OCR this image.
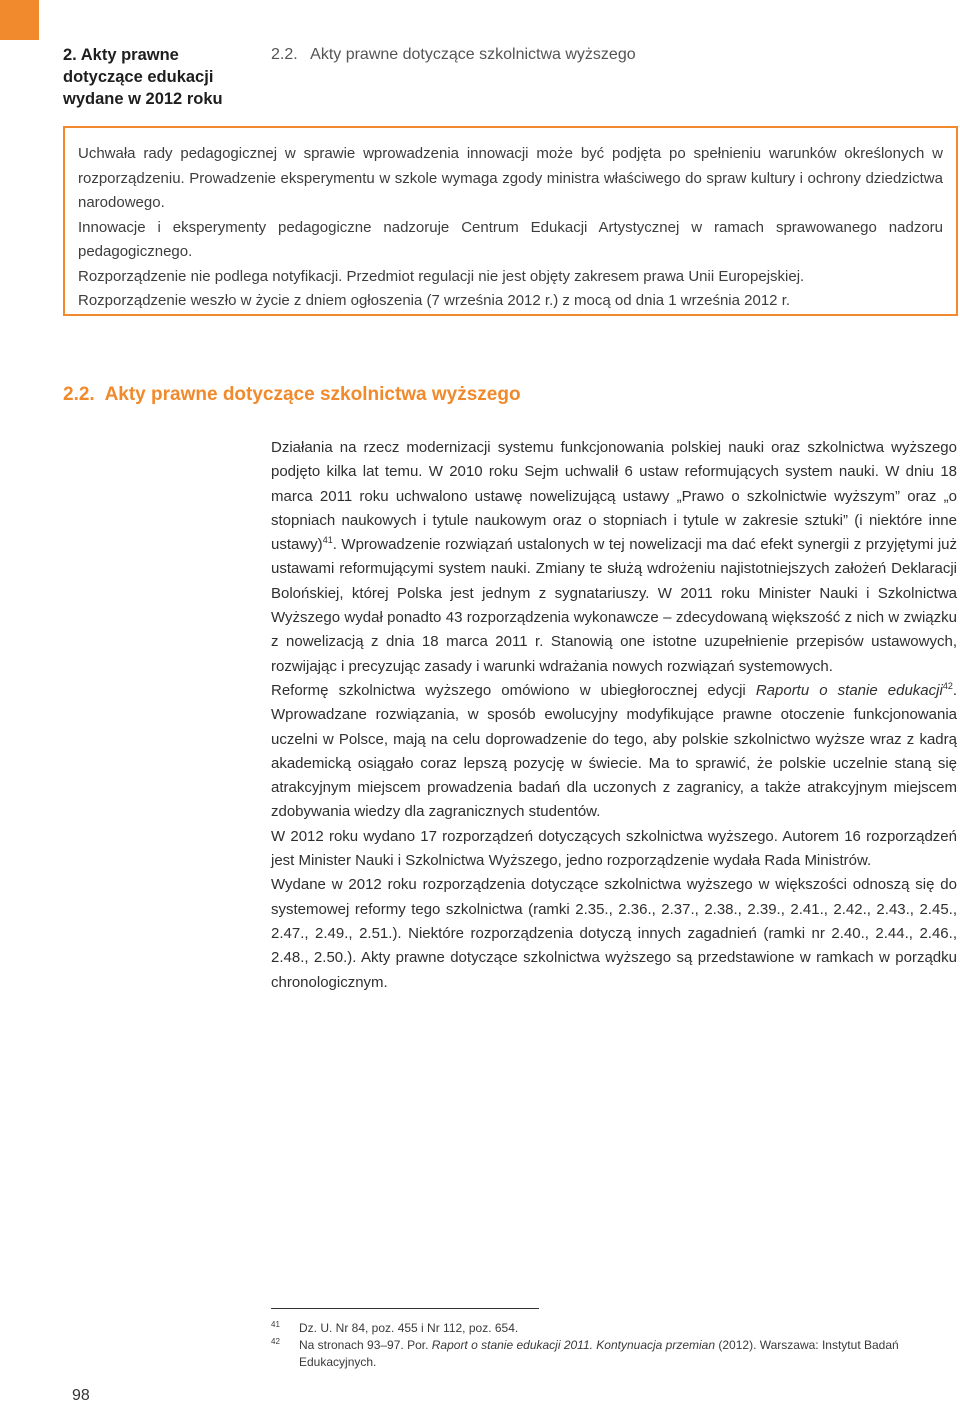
2. Akty prawne dotyczące edukacji wydane w 2012 roku
2.2.   Akty prawne dotyczące szkolnictwa wyższego

Uchwała rady pedagogicznej w sprawie wprowadzenia innowacji może być podjęta po spełnieniu warunków określonych w rozporządzeniu. Prowadzenie eksperymentu w szkole wymaga zgody ministra właściwego do spraw kultury i ochrony dziedzictwa narodowego.

Innowacje i eksperymenty pedagogiczne nadzoruje Centrum Edukacji Artystycznej w ramach sprawowanego nadzoru pedagogicznego.

Rozporządzenie nie podlega notyfikacji. Przedmiot regulacji nie jest objęty zakresem prawa Unii Europejskiej.

Rozporządzenie weszło w życie z dniem ogłoszenia (7 września 2012 r.) z mocą od dnia 1 września 2012 r.

2.2. Akty prawne dotyczące szkolnictwa wyższego

Działania na rzecz modernizacji systemu funkcjonowania polskiej nauki oraz szkolnictwa wyższego podjęto kilka lat temu. W 2010 roku Sejm uchwalił 6 ustaw reformujących system nauki. W dniu 18 marca 2011 roku uchwalono ustawę nowelizującą ustawy „Prawo o szkolnictwie wyższym” oraz „o stopniach naukowych i tytule naukowym oraz o stopniach i tytule w zakresie sztuki” (i niektóre inne ustawy)$^{41}$. Wprowadzenie rozwiązań ustalonych w tej nowelizacji ma dać efekt synergii z przyjętymi już ustawami reformującymi system nauki. Zmiany te służą wdrożeniu najistotniejszych założeń Deklaracji Bolońskiej, której Polska jest jednym z sygnatariuszy. W 2011 roku Minister Nauki i Szkolnictwa Wyższego wydał ponadto 43 rozporządzenia wykonawcze – zdecydowaną większość z nich w związku z nowelizacją z dnia 18 marca 2011 r. Stanowią one istotne uzupełnienie przepisów ustawowych, rozwijając i precyzując zasady i warunki wdrażania nowych rozwiązań systemowych.

Reformę szkolnictwa wyższego omówiono w ubiegłorocznej edycji Raportu o stanie edukacji$^{42}$. Wprowadzane rozwiązania, w sposób ewolucyjny modyfikujące prawne otoczenie funkcjonowania uczelni w Polsce, mają na celu doprowadzenie do tego, aby polskie szkolnictwo wyższe wraz z kadrą akademicką osiągało coraz lepszą pozycję w świecie. Ma to sprawić, że polskie uczelnie staną się atrakcyjnym miejscem prowadzenia badań dla uczonych z zagranicy, a także atrakcyjnym miejscem zdobywania wiedzy dla zagranicznych studentów.

W 2012 roku wydano 17 rozporządzeń dotyczących szkolnictwa wyższego. Autorem 16 rozporządzeń jest Minister Nauki i Szkolnictwa Wyższego, jedno rozporządzenie wydała Rada Ministrów.

Wydane w 2012 roku rozporządzenia dotyczące szkolnictwa wyższego w większości odnoszą się do systemowej reformy tego szkolnictwa (ramki 2.35., 2.36., 2.37., 2.38., 2.39., 2.41., 2.42., 2.43., 2.45., 2.47., 2.49., 2.51.). Niektóre rozporządzenia dotyczą innych zagadnień (ramki nr 2.40., 2.44., 2.46., 2.48., 2.50.). Akty prawne dotyczące szkolnictwa wyższego są przedstawione w ramkach w porządku chronologicznym.

$^{41}$	Dz. U. Nr 84, poz. 455 i Nr 112, poz. 654.
$^{42}$	Na stronach 93–97. Por. Raport o stanie edukacji 2011. Kontynuacja przemian (2012). Warszawa: Instytut Badań Edukacyjnych.
98
